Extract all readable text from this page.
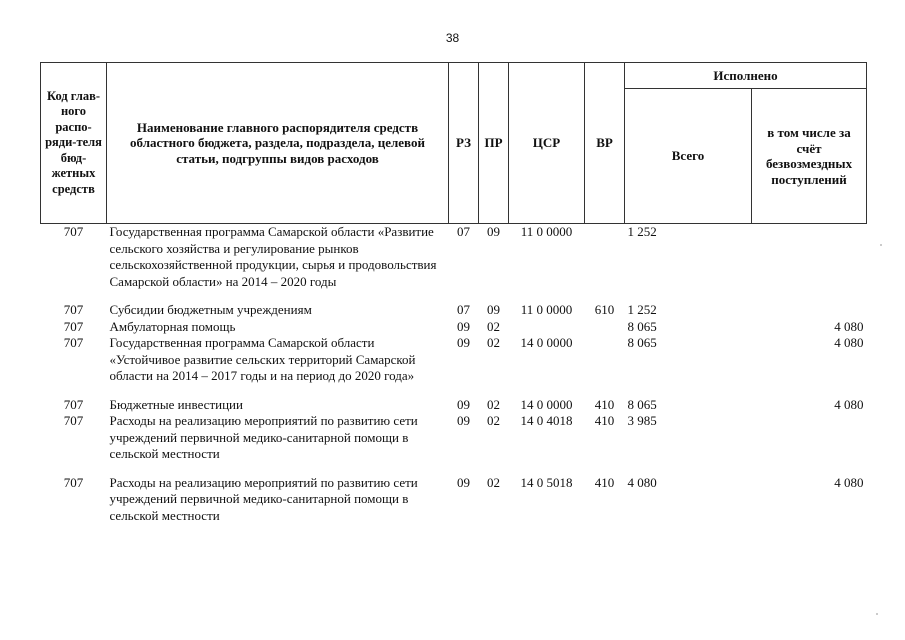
38
Код глав-ного распо-ряди-теля бюд-жетных средств	Наименование главного распорядителя средств областного бюджета, раздела, подраздела, целевой статьи, подгруппы видов расходов	РЗ	ПР	ЦСР	ВР	Исполнено	
						Всего	в том числе за счёт безвозмездных поступлений
707	Государственная программа Самарской области «Развитие сельского хозяйства и регулирование рынков сельскохозяйственной продукции, сырья и продовольствия Самарской области» на 2014 – 2020 годы	07	09	11 0 0000		1 252	
707	Субсидии бюджетным учреждениям	07	09	11 0 0000	610	1 252	
707	Амбулаторная помощь	09	02			8 065	4 080
707	Государственная программа Самарской области «Устойчивое развитие сельских территорий Самарской области на 2014 – 2017 годы и на период до 2020 года»	09	02	14 0 0000		8 065	4 080
707	Бюджетные инвестиции	09	02	14 0 0000	410	8 065	4 080
707	Расходы на реализацию мероприятий по развитию сети учреждений первичной медико-санитарной помощи в сельской местности	09	02	14 0 4018	410	3 985	
707	Расходы на реализацию мероприятий по развитию сети учреждений первичной медико-санитарной помощи в сельской местности	09	02	14 0 5018	410	4 080	4 080
